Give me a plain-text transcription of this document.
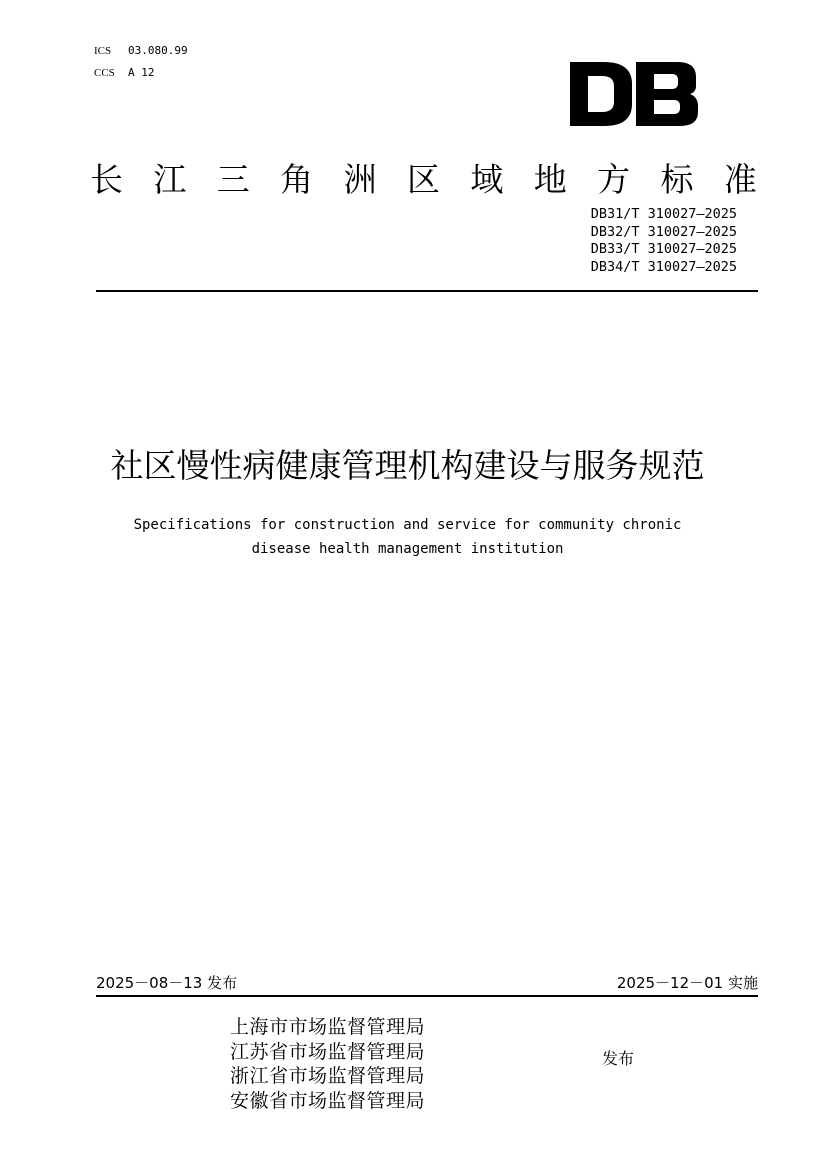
ICS 03.080.99
CCS A 12
长 江 三 角 洲 区 域 地 方 标 准
DB31/T 310027—2025
DB32/T 310027—2025
DB33/T 310027—2025
DB34/T 310027—2025
社区慢性病健康管理机构建设与服务规范
Specifications for construction and service for community chronic
disease health management institution
2025－08－13 发布	2025－12－01 实施
上海市市场监督管理局
江苏省市场监督管理局
浙江省市场监督管理局
安徽省市场监督管理局
发布
